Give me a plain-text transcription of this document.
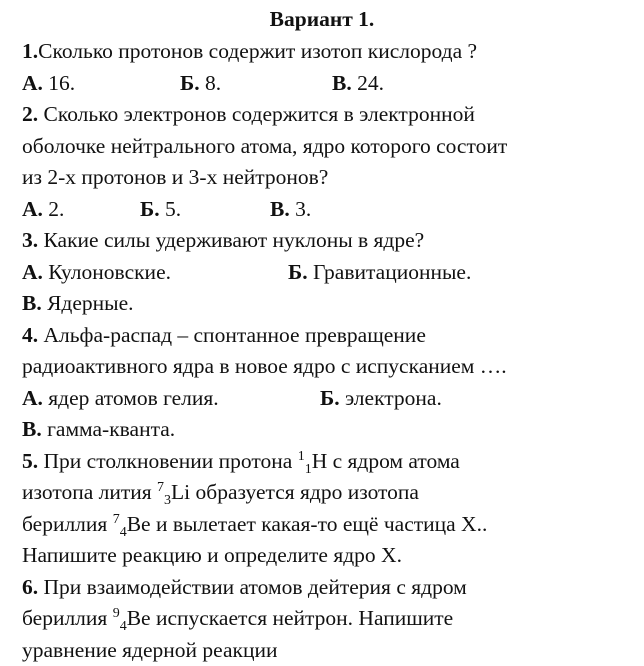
Вариант 1.
1.Сколько протонов содержит изотоп кислорода ?
А. 16.	Б. 8.	В. 24.
2. Сколько электронов содержится в электронной
оболочке нейтрального атома, ядро которого состоит
из 2-х протонов и 3-х нейтронов?
А. 2.	Б. 5.	В. 3.
3. Какие силы удерживают нуклоны в ядре?
А. Кулоновские.	Б. Гравитационные.
В. Ядерные.
4. Альфа-распад – спонтанное превращение
радиоактивного ядра в новое ядро с испусканием ….
А. ядер атомов гелия.	Б. электрона.
В. гамма-кванта.
5. При столкновении протона $^1_1$H с ядром атома
изотопа лития $^7_3$Li образуется ядро изотопа
бериллия $^7_4$Be и вылетает какая-то ещё частица X..
Напишите реакцию и определите ядро X.
6. При взаимодействии атомов дейтерия с ядром
бериллия $^9_4$Be испускается нейтрон. Напишите
уравнение ядерной реакции
